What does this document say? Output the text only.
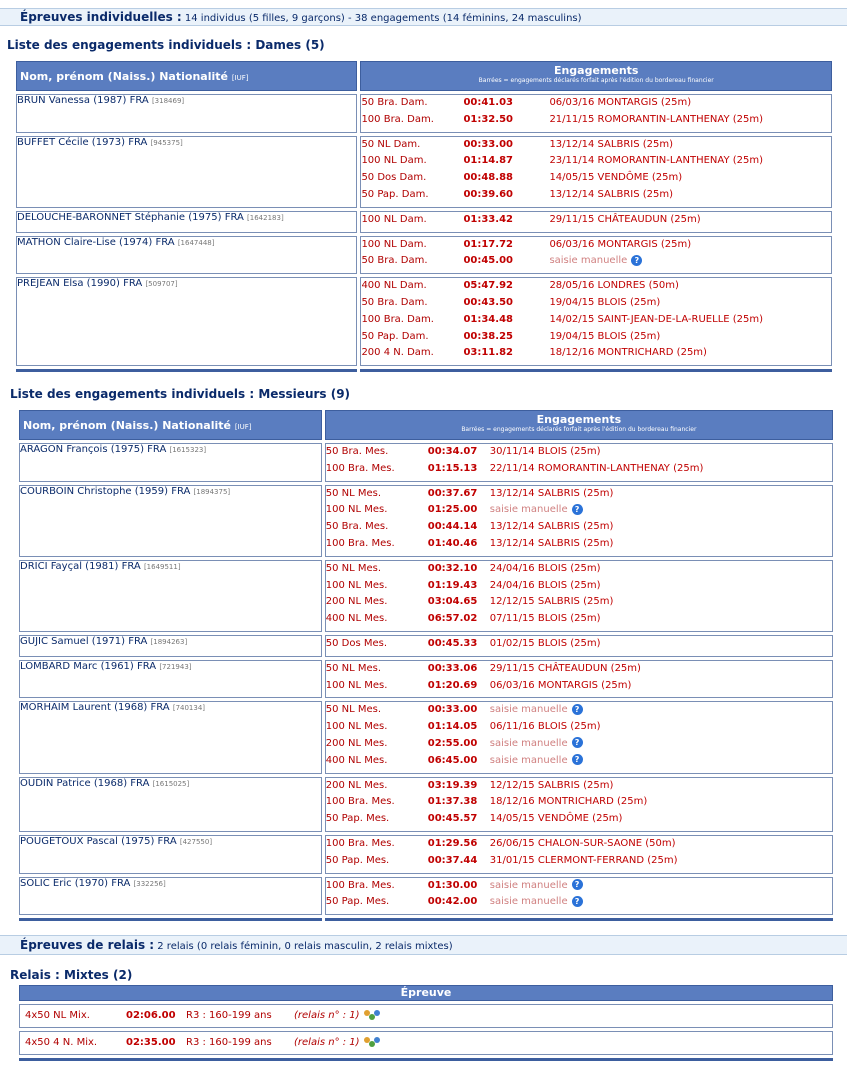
Épreuves individuelles : 14 individus (5 filles, 9 garçons) - 38 engagements (14 féminins, 24 masculins)
Liste des engagements individuels : Dames (5)
Nom, prénom (Naiss.) Nationalité [IUF]	Engagements
Barrées = engagements déclarés forfait après l'édition du bordereau financier

BRUN Vanessa (1987) FRA [318469]	50 Bra. Dam. 00:41.03 06/03/16 MONTARGIS (25m)
100 Bra. Dam. 01:32.50 21/11/15 ROMORANTIN-LANTHENAY (25m)

BUFFET Cécile (1973) FRA [945375]	50 NL Dam. 00:33.00 13/12/14 SALBRIS (25m)
100 NL Dam. 01:14.87 23/11/14 ROMORANTIN-LANTHENAY (25m)
50 Dos Dam. 00:48.88 14/05/15 VENDÔME (25m)
50 Pap. Dam. 00:39.60 13/12/14 SALBRIS (25m)

DELOUCHE-BARONNET Stéphanie (1975) FRA [1642183]	100 NL Dam. 01:33.42 29/11/15 CHÂTEAUDUN (25m)

MATHON Claire-Lise (1974) FRA [1647448]	100 NL Dam. 01:17.72 06/03/16 MONTARGIS (25m)
50 Bra. Dam. 00:45.00 saisie manuelle ?

PREJEAN Elsa (1990) FRA [509707]	400 NL Dam. 05:47.92 28/05/16 LONDRES (50m)
50 Bra. Dam. 00:43.50 19/04/15 BLOIS (25m)
100 Bra. Dam. 01:34.48 14/02/15 SAINT-JEAN-DE-LA-RUELLE (25m)
50 Pap. Dam. 00:38.25 19/04/15 BLOIS (25m)
200 4 N. Dam. 03:11.82 18/12/16 MONTRICHARD (25m)

Liste des engagements individuels : Messieurs (9)
Nom, prénom (Naiss.) Nationalité [IUF]	Engagements
Barrées = engagements déclarés forfait après l'édition du bordereau financier

ARAGON François (1975) FRA [1615323]	50 Bra. Mes. 00:34.07 30/11/14 BLOIS (25m)
100 Bra. Mes. 01:15.13 22/11/14 ROMORANTIN-LANTHENAY (25m)

COURBOIN Christophe (1959) FRA [1894375]	50 NL Mes. 00:37.67 13/12/14 SALBRIS (25m)
100 NL Mes. 01:25.00 saisie manuelle ?
50 Bra. Mes. 00:44.14 13/12/14 SALBRIS (25m)
100 Bra. Mes. 01:40.46 13/12/14 SALBRIS (25m)

DRICI Fayçal (1981) FRA [1649511]	50 NL Mes. 00:32.10 24/04/16 BLOIS (25m)
100 NL Mes. 01:19.43 24/04/16 BLOIS (25m)
200 NL Mes. 03:04.65 12/12/15 SALBRIS (25m)
400 NL Mes. 06:57.02 07/11/15 BLOIS (25m)

GUJIC Samuel (1971) FRA [1894263]	50 Dos Mes. 00:45.33 01/02/15 BLOIS (25m)

LOMBARD Marc (1961) FRA [721943]	50 NL Mes. 00:33.06 29/11/15 CHÂTEAUDUN (25m)
100 NL Mes. 01:20.69 06/03/16 MONTARGIS (25m)

MORHAIM Laurent (1968) FRA [740134]	50 NL Mes. 00:33.00 saisie manuelle ?
100 NL Mes. 01:14.05 06/11/16 BLOIS (25m)
200 NL Mes. 02:55.00 saisie manuelle ?
400 NL Mes. 06:45.00 saisie manuelle ?

OUDIN Patrice (1968) FRA [1615025]	200 NL Mes. 03:19.39 12/12/15 SALBRIS (25m)
100 Bra. Mes. 01:37.38 18/12/16 MONTRICHARD (25m)
50 Pap. Mes. 00:45.57 14/05/15 VENDÔME (25m)

POUGETOUX Pascal (1975) FRA [427550]	100 Bra. Mes. 01:29.56 26/06/15 CHALON-SUR-SAONE (50m)
50 Pap. Mes. 00:37.44 31/01/15 CLERMONT-FERRAND (25m)

SOLIC Eric (1970) FRA [332256]	100 Bra. Mes. 01:30.00 saisie manuelle ?
50 Pap. Mes. 00:42.00 saisie manuelle ?

Épreuves de relais : 2 relais (0 relais féminin, 0 relais masculin, 2 relais mixtes)
Relais : Mixtes (2)
Épreuve
4x50 NL Mix.	02:06.00 R3 : 160-199 ans (relais n° : 1)

4x50 4 N. Mix.	02:35.00 R3 : 160-199 ans (relais n° : 1)
